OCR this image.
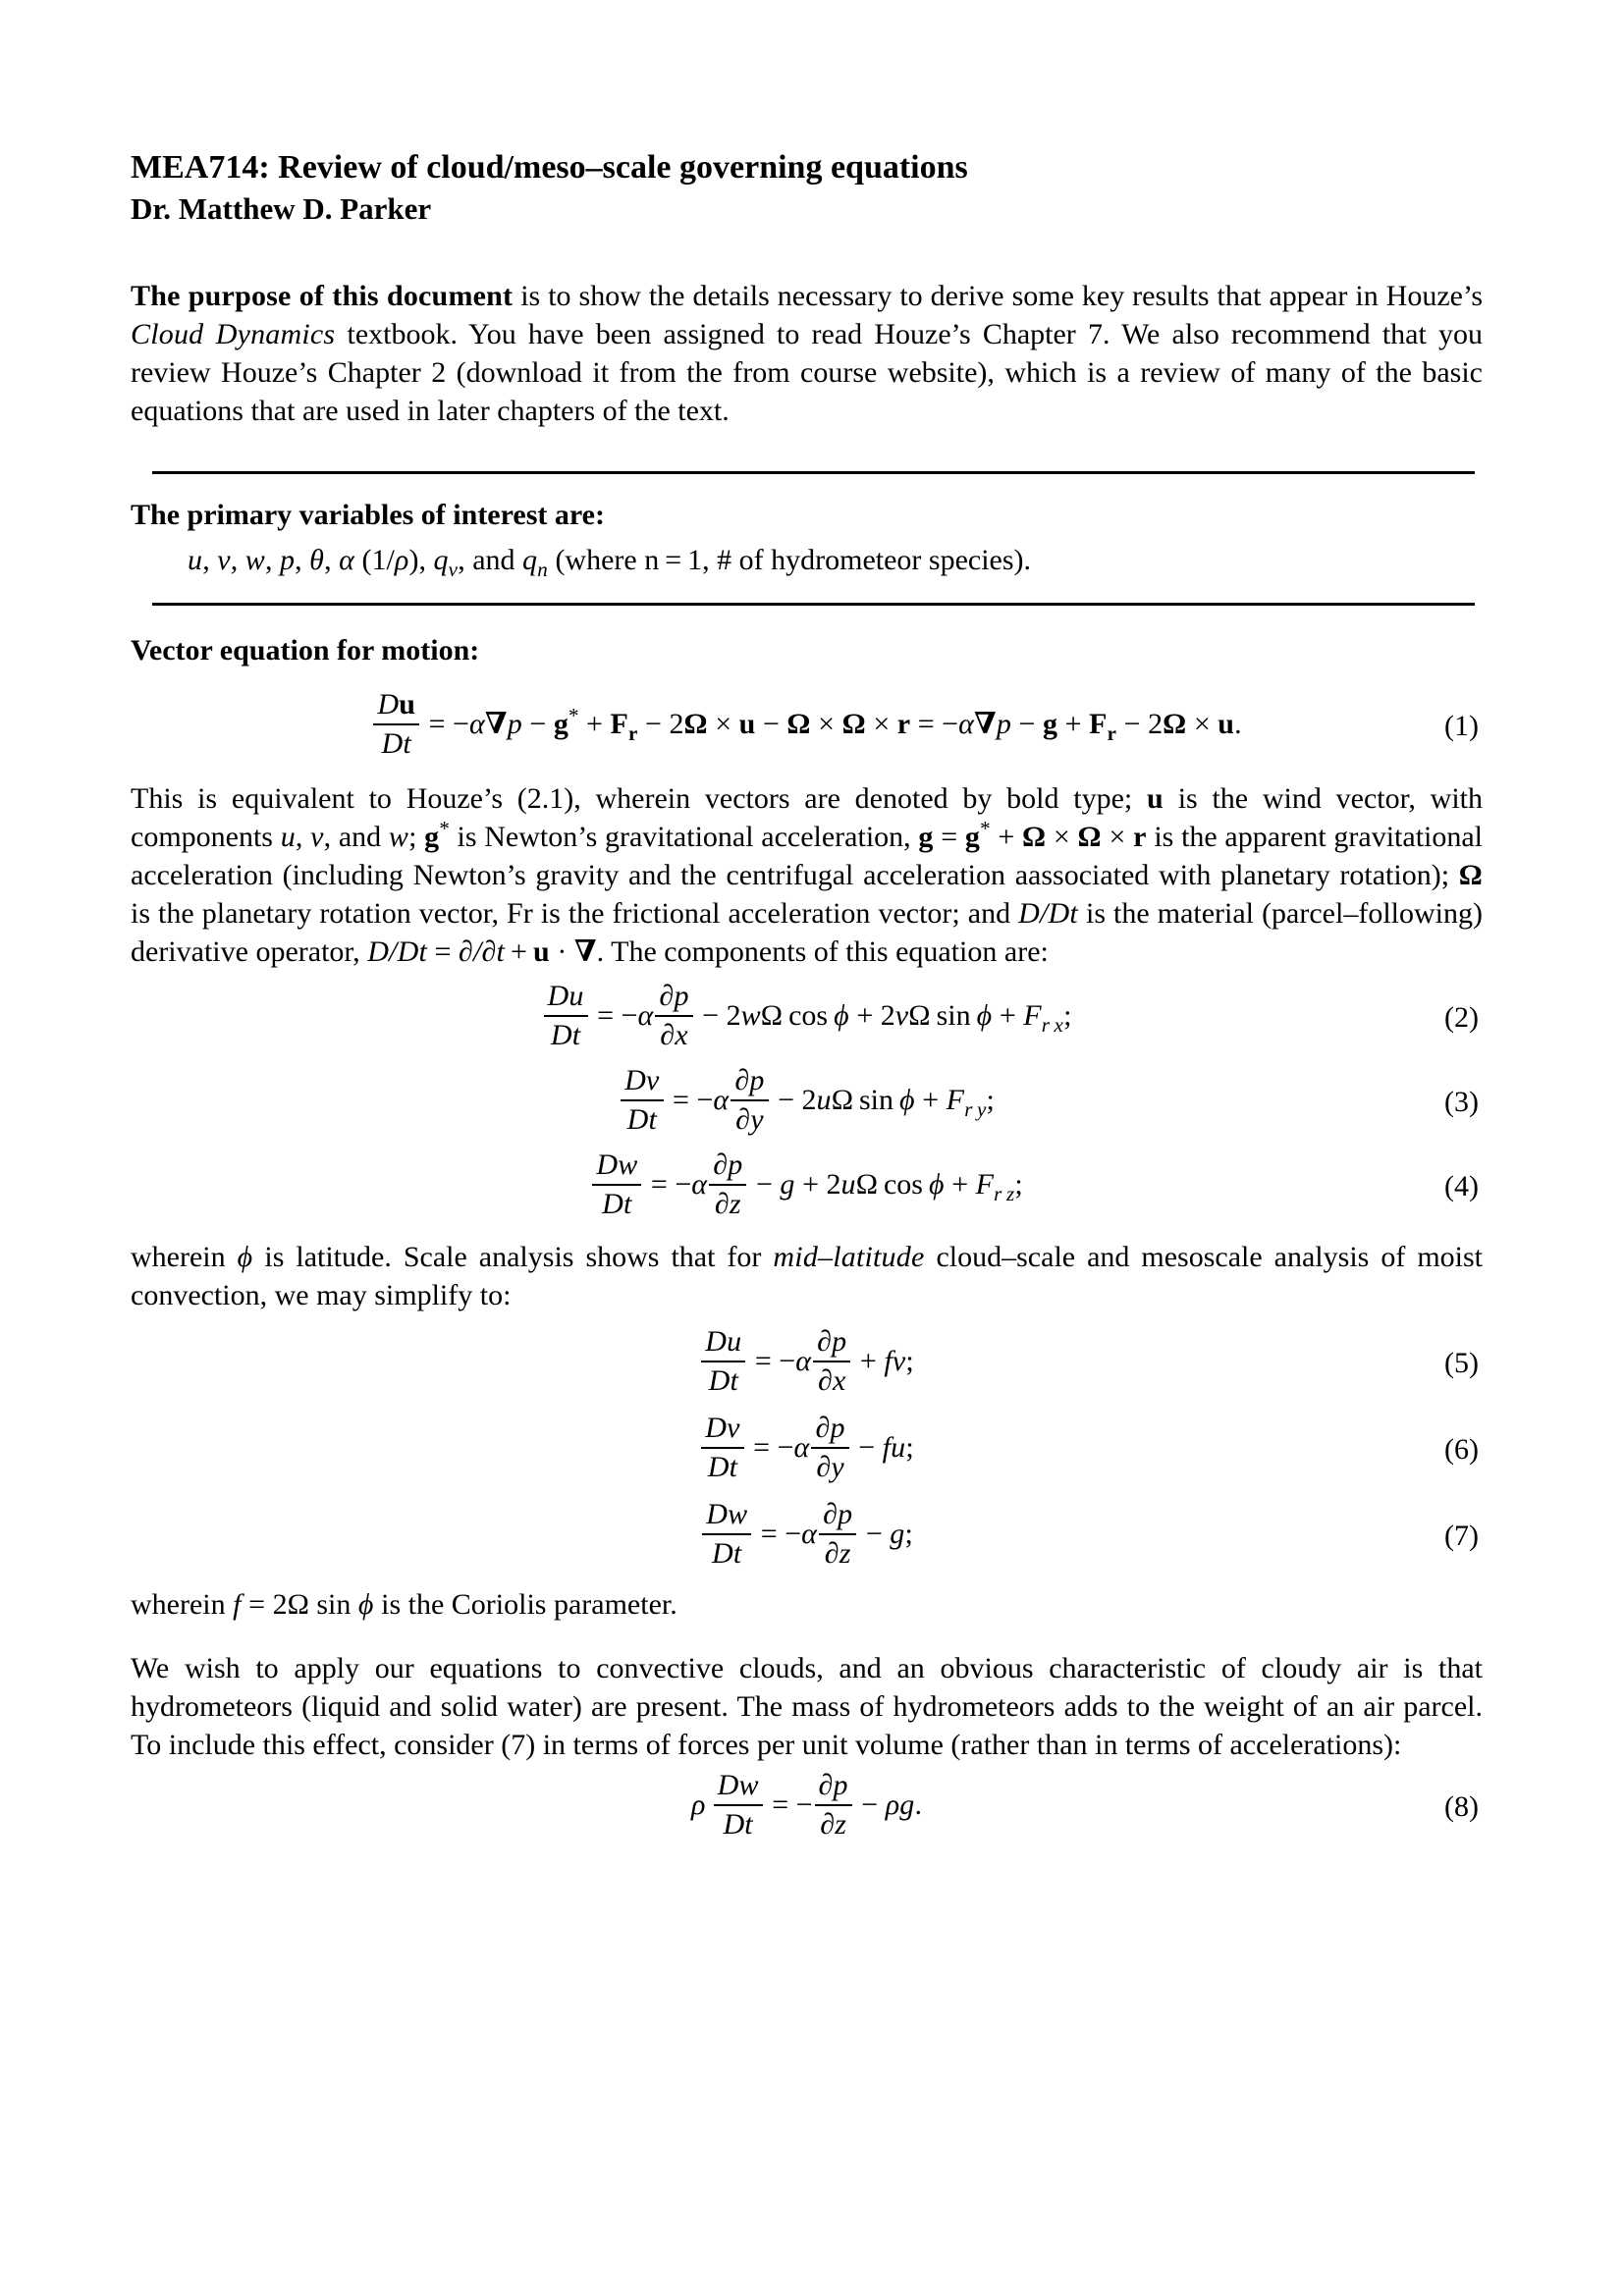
MEA714: Review of cloud/meso–scale governing equations
Dr. Matthew D. Parker

The purpose of this document is to show the details necessary to derive some key results that appear in Houze’s Cloud Dynamics textbook. You have been assigned to read Houze’s Chapter 7. We also recommend that you review Houze’s Chapter 2 (download it from the from course website), which is a review of many of the basic equations that are used in later chapters of the text.

The primary variables of interest are:

u, v, w, p, θ, α (1/ρ), $q_v$, and $q_n$ (where n = 1, # of hydrometeor species).

Vector equation for motion:

$\frac{Du}{Dt} = -\alpha\nabla p - g^* + F_r - 2\Omega \times u - \Omega \times \Omega \times r = -\alpha\nabla p - g + F_r - 2\Omega \times u$.	(1)

This is equivalent to Houze’s (2.1), wherein vectors are denoted by bold type; u is the wind vector, with components u, v, and w; g* is Newton’s gravitational acceleration, g = g* + Ω × Ω × r is the apparent gravitational acceleration (including Newton’s gravity and the centrifugal acceleration aassociated with planetary rotation); Ω is the planetary rotation vector, Fr is the frictional acceleration vector; and D/Dt is the material (parcel–following) derivative operator, D/Dt = ∂/∂t + u · ∇. The components of this equation are:

$\frac{Du}{Dt} = -\alpha \frac{\partial p}{\partial x} - 2w\Omega$ cos ϕ + 2vΩ $\sin \phi + F_{r x}$;	(2)
$\frac{Dv}{Dt} = -\alpha \frac{\partial p}{\partial y} - 2u\Omega$ $\sin \phi + F_{r y}$;	(3)
$\frac{Dw}{Dt} = -\alpha \frac{\partial p}{\partial z} - g + 2u\Omega$ $\cos \phi + F_{r z}$;	(4)

wherein ϕ is latitude. Scale analysis shows that for mid–latitude cloud–scale and mesoscale analysis of moist convection, we may simplify to:

$\frac{Du}{Dt} = -\alpha \frac{\partial p}{\partial x}$ + fv;	(5)
$\frac{Dv}{Dt} = -\alpha \frac{\partial p}{\partial y}$ − fu;	(6)
$\frac{Dw}{Dt} = -\alpha \frac{\partial p}{\partial z} - g$;	(7)

wherein f = 2Ω sin ϕ is the Coriolis parameter.

We wish to apply our equations to convective clouds, and an obvious characteristic of cloudy air is that hydrometeors (liquid and solid water) are present. The mass of hydrometeors adds to the weight of an air parcel. To include this effect, consider (7) in terms of forces per unit volume (rather than in terms of accelerations):

ρ  $\frac{Dw}{Dt}$ = − $\frac{\partial p}{\partial z} - \rho g$.	(8)
